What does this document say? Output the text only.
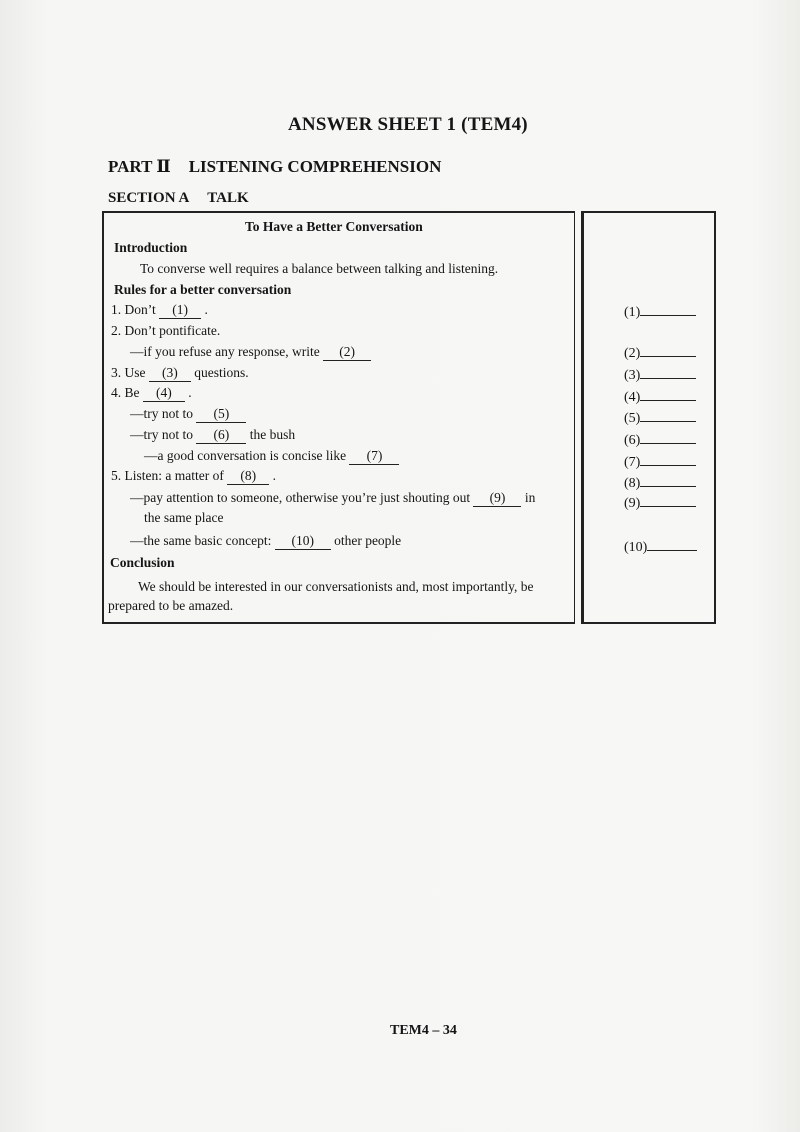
ANSWER SHEET 1 (TEM4)
PART Ⅱ LISTENING COMPREHENSION
SECTION A TALK
To Have a Better Conversation
Introduction
To converse well requires a balance between talking and listening.
Rules for a better conversation
1. Don’t (1) .
2. Don’t pontificate.
—if you refuse any response, write (2)
3. Use (3) questions.
4. Be (4) .
—try not to (5)
—try not to (6) the bush
—a good conversation is concise like (7)
5. Listen: a matter of (8) .
—pay attention to someone, otherwise you’re just shouting out (9) in
the same place
—the same basic concept: (10) other people
Conclusion
We should be interested in our conversationists and, most importantly, be
prepared to be amazed.
(1)
(2)
(3)
(4)
(5)
(6)
(7)
(8)
(9)
(10)
TEM4 – 34
